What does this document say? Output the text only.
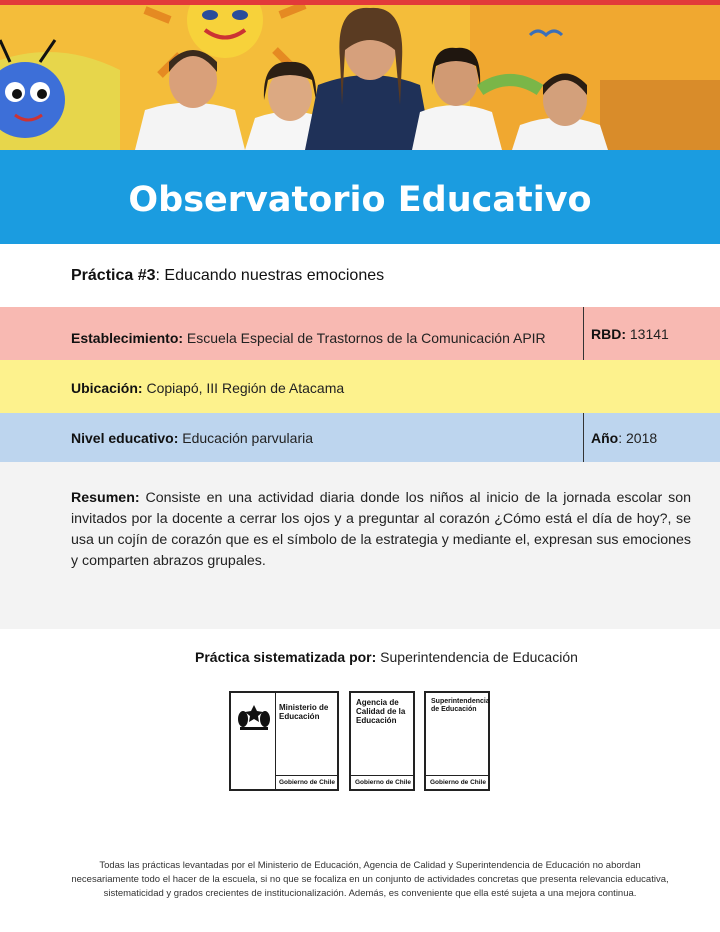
Observatorio Educativo
Práctica #3: Educando nuestras emociones
Establecimiento: Escuela Especial de Trastornos de la Comunicación APIR	RBD: 13141
Ubicación: Copiapó, III Región de Atacama
Nivel educativo: Educación parvularia	Año: 2018
Resumen: Consiste en una actividad diaria donde los niños al inicio de la jornada escolar son invitados por la docente a cerrar los ojos y a preguntar al corazón ¿Cómo está el día de hoy?, se usa un cojín de corazón que es el símbolo de la estrategia y mediante el, expresan sus emociones y comparten abrazos grupales.
Práctica sistematizada por: Superintendencia de Educación
Ministerio de
Educación
Gobierno de Chile
Agencia de
Calidad de la
Educación
Gobierno de Chile
Superintendencia
de Educación
Gobierno de Chile
Todas las prácticas levantadas por el Ministerio de Educación, Agencia de Calidad y Superintendencia de Educación no abordan necesariamente todo el hacer de la escuela, si no que se focaliza en un conjunto de actividades concretas que presenta relevancia educativa, sistematicidad y grados crecientes de institucionalización. Además, es conveniente que ella esté sujeta a una mejora continua.
